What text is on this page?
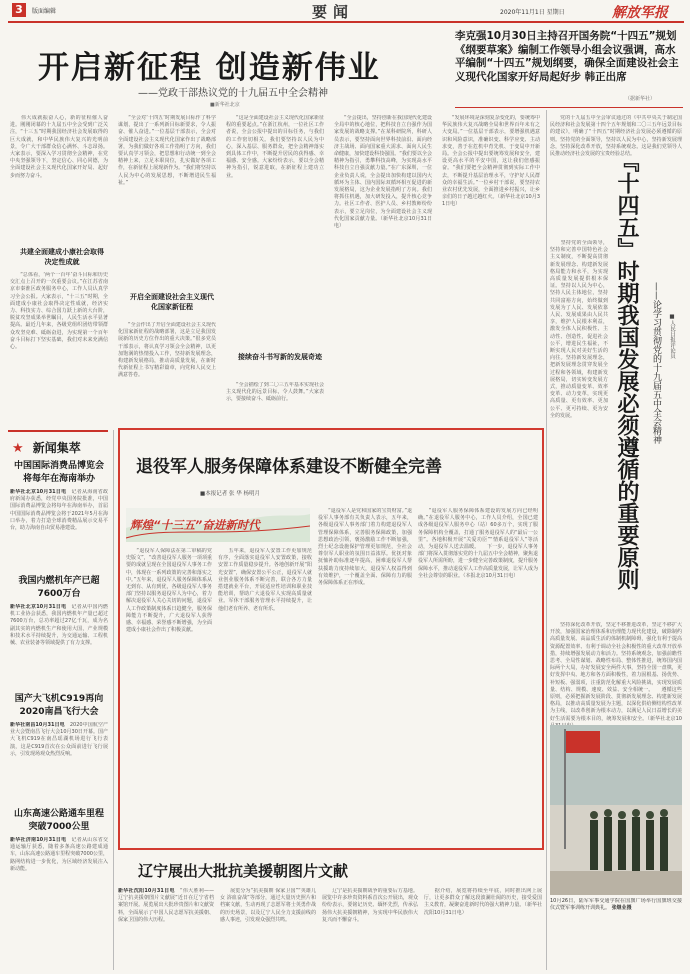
3	版面编辑	要闻	2020年11月1日 星期日	解放军报
开启新征程 创造新伟业
——党政干部热议党的十九届五中全会精神
■新华社北京
李克强10月30日主持召开国务院“十四五”规划《纲要草案》编制工作领导小组会议强调，高水平编制“十四五”规划纲要，确保全面建设社会主义现代化国家开好局起好步 韩正出席
（据新华社）
　　伟大成就振奋人心，新的征程催人奋进。刚刚闭幕的十九届五中全会受到广泛关注，“十三五”时期我国经济社会发展取得的巨大成就，和中华民族伟大复兴的光明前景，令广大干部群众信心满怀、斗志昂扬。大家表示，要深入学习贯彻全会精神，在党中央坚强领导下，坚定信心、同心同德，为全面建设社会主义现代化国家开好局、起好步而努力奋斗。
共建全面建成小康社会取得决定性成就
　　“总体看，‘两个一百年’奋斗目标和历史交汇点上召开的一次重要会议。”在江苏省南京市秦淮区政务服务中心，工作人员认真学习全会公报。大家表示，“十三五”时期，全面建成小康社会取得决定性成就，经济实力、科技实力、综合国力跃上新的大台阶，脱贫攻坚成果举世瞩目，人民生活水平显著提高。最近几年来，各级党组织团结带领群众攻坚克难、砥砺奋进，为实现第一个百年奋斗目标打下坚实基础，我们对未来充满信心。
　　“全会对‘十四五’时期发展目标作了科学谋划，提出了一系列新目标新要求，令人振奋、催人奋进。”一位基层干部表示，全会对全面建设社会主义现代化国家作出了战略部署，为我们做好各项工作指明了方向，我们要认真学习领会，把思想和行动统一到全会精神上来，立足本职岗位，扎实做好各项工作，在新征程上展现新作为。“我们将坚持以人民为中心的发展思想，不断增进民生福祉。”
开启全面建设社会主义现代化国家新征程
　　“全会作出了开启全面建设社会主义现代化国家新征程的战略部署，这是立足我国发展新的历史方位作出的重大决策。”很多党员干部表示，将认真学习领会全会精神，以更加饱满的热情投入工作，坚持新发展理念，构建新发展格局，推动高质量发展，在新时代新征程上书写精彩篇章，向党和人民交上满意答卷。
　　“这是全面建设社会主义现代化国家新征程的重要起点。”在浙江杭州，一位社区工作者说，全会公报中提出的目标任务，与我们的工作密切相关。我们要坚持以人民为中心，深入基层、服务群众，把全会精神落实到具体工作中，不断提升居民的获得感、幸福感、安全感。大家纷纷表示，要以全会精神为指引，锐意进取，在新征程上建功立业。
接续奋斗书写新的发展奇迹
　　“全会描绘了到二〇三五年基本实现社会主义现代化的远景目标，令人鼓舞。”大家表示，要接续奋斗、砥砺前行。
　　“全会提出，坚持创新在我国现代化建设全局中的核心地位，把科技自立自强作为国家发展的战略支撑。”在某科研院所，科研人员表示，要坚持面向世界科技前沿、面向经济主战场、面向国家重大需求、面向人民生命健康，加快建设科技强国。“我们要以全会精神为指引，勇攀科技高峰，为实现高水平科技自立自强贡献力量。”在广东深圳，一位企业负责人说，全会提出加快构建以国内大循环为主体、国内国际双循环相互促进的新发展格局，这为企业发展指明了方向。我们将抓住机遇，加大研发投入，提升核心竞争力。社区工作者、医护人员、乡村教师纷纷表示，要立足岗位，为全面建设社会主义现代化国家贡献力量。（新华社北京10月31日电）
　　“发展环境是深刻复杂变化的，要统筹中华民族伟大复兴战略全局和世界百年未有之大变局。”一位基层干部表示，要增强机遇意识和风险意识，准确识变、科学应变、主动求变，善于在危机中育先机、于变局中开新局。全会公报中提出要统筹发展和安全，建设更高水平的平安中国，这让我们倍感振奋。“我们要把全会精神贯彻到实际工作中去，不断提升基层治理水平，守护好人民群众的幸福生活。”一位乡村干部说，要坚持农业农村优先发展，全面推进乡村振兴，让乡亲们的日子越过越红火。（新华社北京10月31日电）
　　党的十九届五中全会审议通过的《中共中央关于制定国民经济和社会发展第十四个五年规划和二〇三五年远景目标的建议》，明确了“十四五”时期经济社会发展必须遵循的原则。坚持党的全面领导，坚持以人民为中心，坚持新发展理念，坚持深化改革开放，坚持系统观念。这是我们党领导人民推动经济社会发展的宝贵经验总结。
『十四五』
时期我国发展必须遵循的重要原则 ——论学习贯彻党的十九届五中全会精神 ■人民日报评论员
　　坚持党的全面领导，坚持和完善中国特色社会主义制度，不断提高贯彻新发展理念、构建新发展格局能力和水平，为实现高质量发展提供根本保证。坚持以人民为中心，坚持人民主体地位，坚持共同富裕方向，始终做到发展为了人民、发展依靠人民、发展成果由人民共享，维护人民根本利益，激发全体人民积极性、主动性、创造性，促进社会公平，增进民生福祉，不断实现人民对美好生活的向往。坚持新发展理念，把新发展理念贯穿发展全过程和各领域，构建新发展格局，切实转变发展方式，推动质量变革、效率变革、动力变革，实现更高质量、更有效率、更加公平、更可持续、更为安全的发展。
　　坚持深化改革开放，坚定不移推进改革，坚定不移扩大开放，加强国家治理体系和治理能力现代化建设，破除制约高质量发展、高品质生活的体制机制障碍，强化有利于提高资源配置效率、有利于调动全社会积极性的重大改革开放举措，持续增强发展动力和活力。坚持系统观念，加强前瞻性思考、全局性谋划、战略性布局、整体性推进，统筹国内国际两个大局，办好发展安全两件大事，坚持全国一盘棋，更好发挥中央、地方和各方面积极性，着力固根基、扬优势、补短板、强弱项，注重防范化解重大风险挑战，实现发展质量、结构、规模、速度、效益、安全相统一。　　遵循这些原则，必须把握新发展阶段、贯彻新发展理念、构建新发展格局，以推动高质量发展为主题，以深化供给侧结构性改革为主线，以改革创新为根本动力，以满足人民日益增长的美好生活需要为根本目的，统筹发展和安全。（新华社北京10
★ 新闻集萃
中国国际消费品博览会将每年在海南举办
新华社北京10月31日电　记者从海南省政府新闻办获悉，经党中央国务院批准，中国国际消费品博览会将每年在海南举办，首届中国国际消费品博览会将于2021年5月在海口举办，着力打造全球消费精品展示交易平台，助力海南自由贸易港建设。
我国内燃机年产已超7600万台
新华社北京10月31日电　记者从中国内燃机工业协会获悉，我国内燃机年产量已超过7600万台，总功率超过27亿千瓦，成为名副其实的内燃机生产和使用大国，产业规模和技术水平持续提升，为交通运输、工程机械、农业装备等领域提供了有力支撑。
国产大飞机C919再向2020南昌飞行大会
新华社南昌10月31日电　2020中国航空产业大会暨南昌飞行大会10月30日开幕。国产大飞机C919在南昌瑶湖机场进行飞行表演，这是C919首次在公众面前进行飞行展示，引发现场观众热烈反响。
山东高速公路通车里程突破7000公里
新华社济南10月31日电　记者从山东省交通运输厅获悉，随着多条高速公路建成通车，山东高速公路通车里程突破7000公里，路网结构进一步优化，为区域经济发展注入新动能。
退役军人服务保障体系建设不断健全完善
■本报记者 张 华 杨明月
辉煌“十三五”奋进新时代
　　“退役军人保障法在第二审稿的党史版文”，“改善退役军人服务一项项重要的成就呈现在全国退役军人事务工作中，体现在一系列政策的完善和落实之中。”五年来，退役军人服务保障体系从无到有、从有到优，各级退役军人事务部门坚持以服务退役军人为中心，着力解决退役军人关心关切的问题，退役军人工作政策制度体系日趋健全，服务保障能力不断提升，广大退役军人获得感、幸福感、荣誉感不断增强，为全面建成小康社会作出了积极贡献。
　　五年来，退役军人安置工作更加规范有序，全面落实退役军人安置政策，接收安置工作质量稳步提升。各地创新开展“阳光安置”，确保安置公平公正，退役军人就业创业服务体系不断完善，联合各方力量搭建就业平台，开展适应性培训和职业技能培训，帮助广大退役军人实现高质量就业。军休干部服务管理水平持续提升，让他们老有所养、老有所乐。
　　“退役军人是党和国家的宝贵财富。”退役军人事务部有关负责人表示，五年来，各级退役军人事务部门着力构建退役军人管理保障体系，完善服务保障政策，加强思想政治引领，褒扬激励工作不断加强，烈士纪念设施保护管理更加规范，全社会尊崇军人职业的氛围日益浓厚。优抚对象抚恤补助标准逐年提高，困难退役军人帮扶援助力度持续加大，退役军人权益得到有效维护，一个覆盖全面、保障有力的服务保障体系正在形成。
　　“退役军人服务保障体系建设的发展方向已经明确。”在退役军人服务中心，工作人员介绍，全国已建成各级退役军人服务中心（站）60多万个，实现了服务保障机构全覆盖，打通了服务退役军人的“最后一公里”。各地积极开展“关爱功臣”“情系退役军人”等活动，为退役军人送去温暖。　　下一步，退役军人事务部门将深入贯彻落实党的十九届五中全会精神，聚焦退役军人所需所盼，进一步健全完善政策制度，提升服务保障水平，推动退役军人工作高质量发展，让军人成为全社会尊崇的职业。（本报北京10月31日电）
10月26日，陆军军事交通学院在国旗广场举行国旗班交接仪式暨军事训练开训典礼。 张继业摄
辽宁展出大批抗美援朝图片文献
新华社沈阳10月31日电　“伟大胜利——辽宁抗美援朝图片文献展”近日在辽宁省档案馆开展。展览展出大批珍贵图片和文献资料，全面展示了中国人民志愿军抗美援朝、保家卫国的伟大历程。
　　展览分为“抗美援朝 保家卫国”“英雄儿女 浴血奋战”等部分，通过大量历史照片和档案文献，生动再现了志愿军将士英勇作战的历史场景，以及辽宁人民全力支援前线的感人事迹，引发观众强烈共鸣。
　　辽宁是抗美援朝战争的重要后方基地。展览中许多珍贵资料系首次公开展出，观众纷纷表示，要铭记历史、缅怀先烈，传承弘扬伟大抗美援朝精神，为实现中华民族伟大复兴而不懈奋斗。
　　据介绍，展览将持续至年底，同时推出网上展厅，让更多群众了解这段波澜壮阔的历史，接受爱国主义教育，凝聚奋进新时代的强大精神力量。（新华社沈阳10月31日电）
